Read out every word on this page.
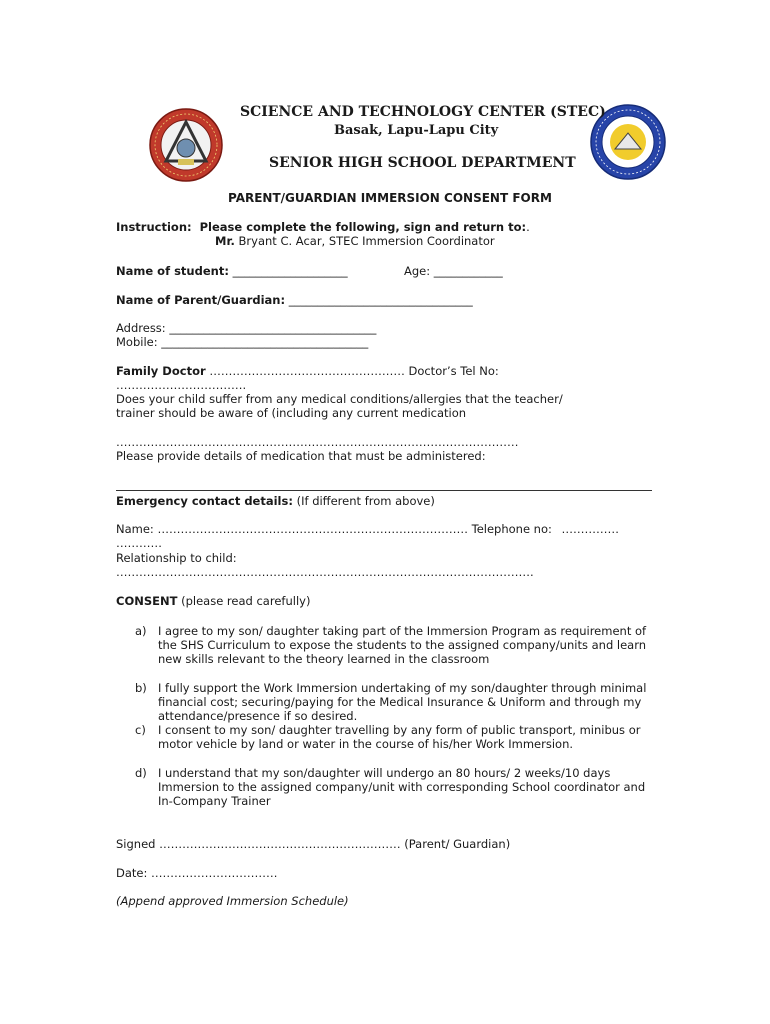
SCIENCE AND TECHNOLOGY CENTER (STEC)
Basak, Lapu-Lapu City
SENIOR HIGH SCHOOL DEPARTMENT
PARENT/GUARDIAN IMMERSION CONSENT FORM
Instruction: Please complete the following, sign and return to:.
Mr. Bryant C. Acar, STEC Immersion Coordinator
Name of student: ____________________	Age: ____________
Name of Parent/Guardian: ________________________________
Address: ____________________________________
Mobile: ____________________________________
Family Doctor …………………………………………… Doctor’s Tel No:
…………………………….
Does your child suffer from any medical conditions/allergies that the teacher/
trainer should be aware of (including any current medication
……………………………………………………………………………………………
Please provide details of medication that must be administered:
Emergency contact details: (If different from above)
Name: ……………………………………………………………………… Telephone no: ……………
…………
Relationship to child:
……………………………………………………………………………………………….
CONSENT (please read carefully)
a) I agree to my son/ daughter taking part of the Immersion Program as requirement of the SHS Curriculum to expose the students to the assigned company/units and learn new skills relevant to the theory learned in the classroom
b) I fully support the Work Immersion undertaking of my son/daughter through minimal financial cost; securing/paying for the Medical Insurance & Uniform and through my attendance/presence if so desired.
c) I consent to my son/ daughter travelling by any form of public transport, minibus or motor vehicle by land or water in the course of his/her Work Immersion.
d) I understand that my son/daughter will undergo an 80 hours/ 2 weeks/10 days Immersion to the assigned company/unit with corresponding School coordinator and In-Company Trainer
Signed ……………………………………………………… (Parent/ Guardian)
Date: ……………………………
(Append approved Immersion Schedule)
